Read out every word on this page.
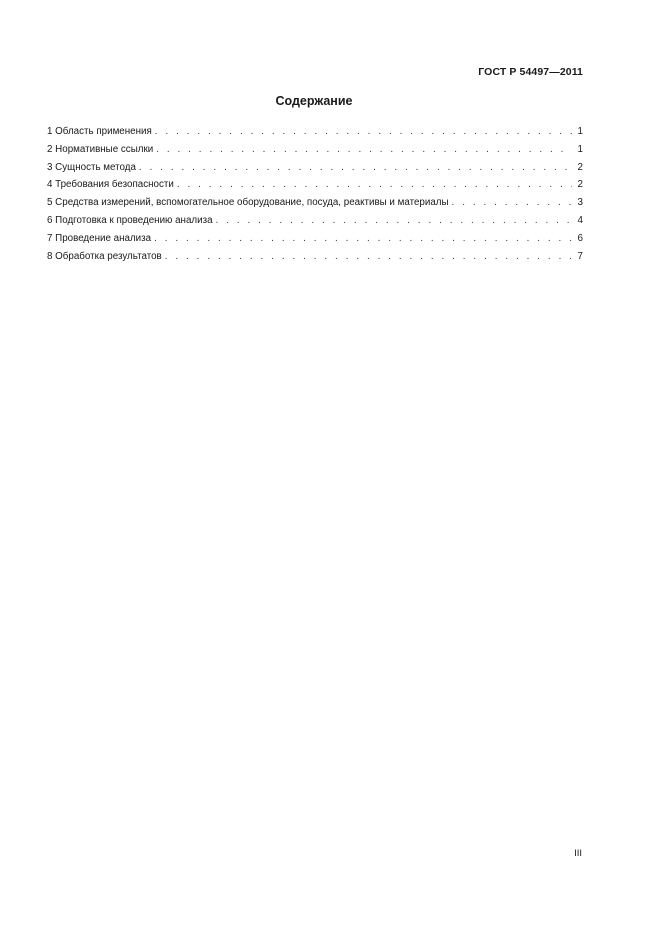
ГОСТ Р 54497—2011
Содержание
1 Область применения . . .	1
2 Нормативные ссылки . . .	1
3 Сущность метода . . .	2
4 Требования безопасности . . .	2
5 Средства измерений, вспомогательное оборудование, посуда, реактивы и материалы . . .	3
6 Подготовка к проведению анализа . . .	4
7 Проведение анализа . . .	6
8 Обработка результатов . . .	7
III
